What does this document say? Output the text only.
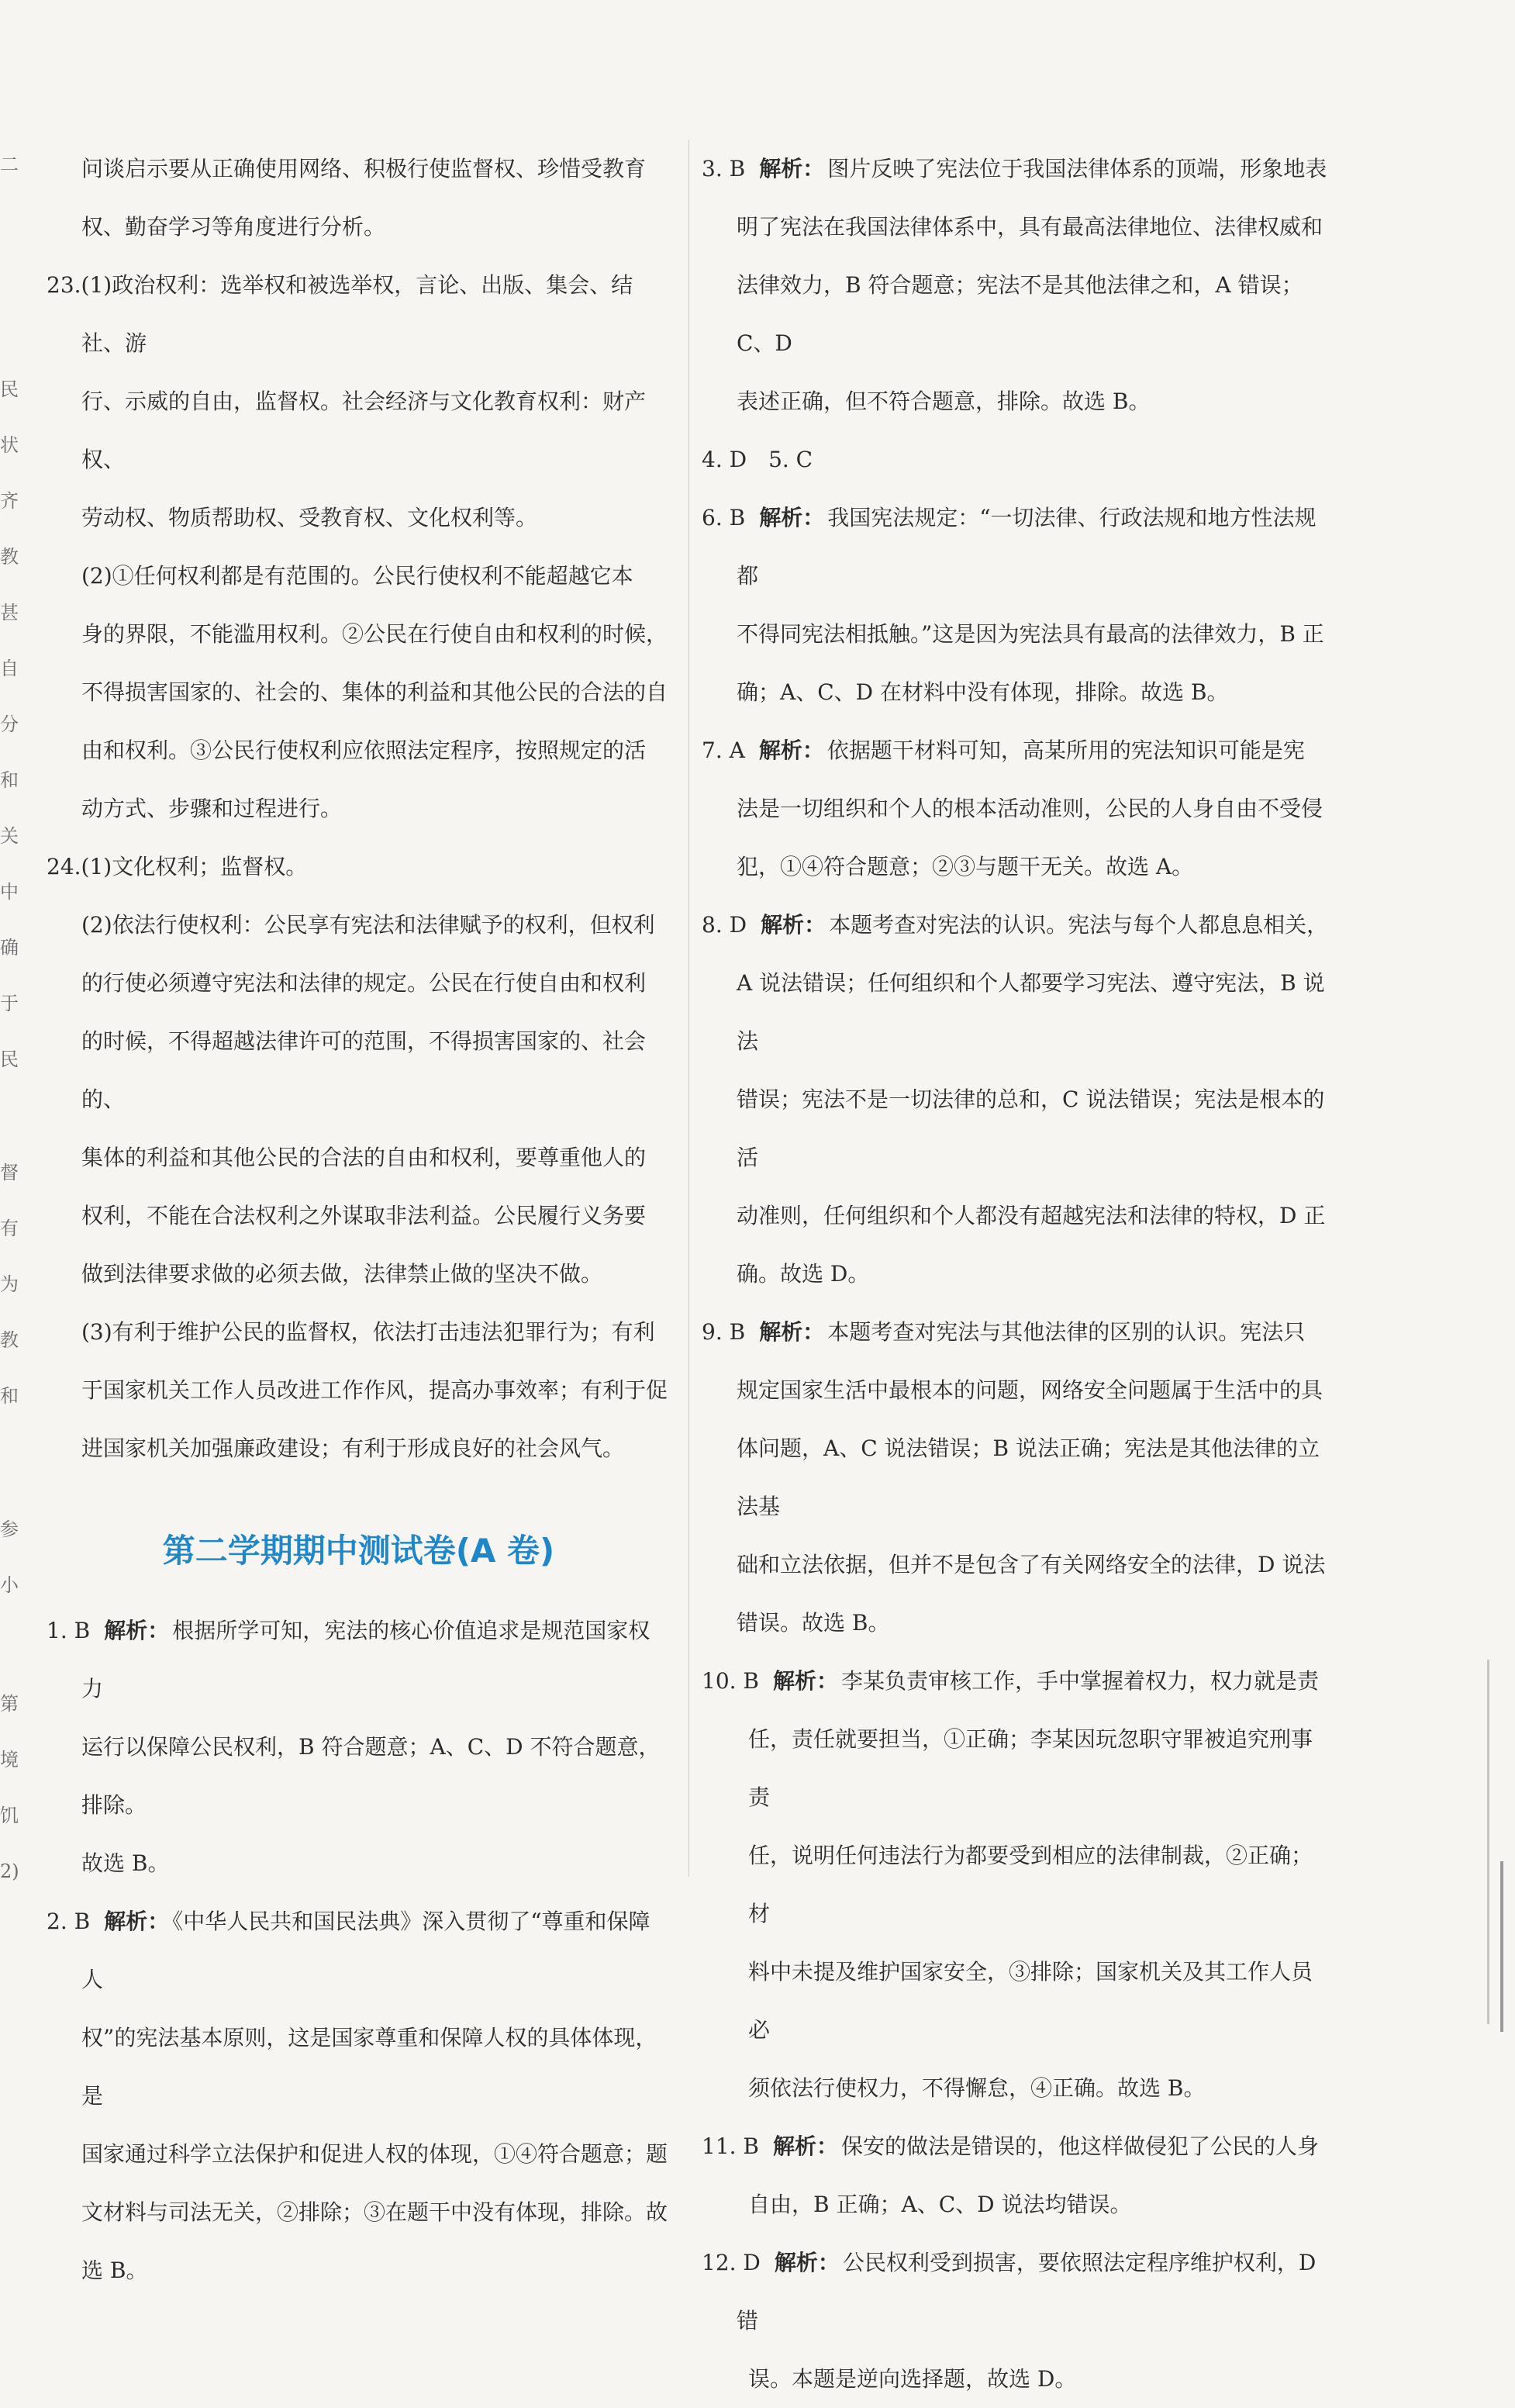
二
民
状
齐
教
甚
自
分
和
关
中
确
于
民
督
有
为
教
和
参
小
第
境
饥
2)
问谈启示要从正确使用网络、积极行使监督权、珍惜受教育
权、勤奋学习等角度进行分析。
23.(1)政治权利：选举权和被选举权，言论、出版、集会、结社、游
行、示威的自由，监督权。社会经济与文化教育权利：财产权、
劳动权、物质帮助权、受教育权、文化权利等。
(2)①任何权利都是有范围的。公民行使权利不能超越它本
身的界限，不能滥用权利。②公民在行使自由和权利的时候，
不得损害国家的、社会的、集体的利益和其他公民的合法的自
由和权利。③公民行使权利应依照法定程序，按照规定的活
动方式、步骤和过程进行。
24.(1)文化权利；监督权。
(2)依法行使权利：公民享有宪法和法律赋予的权利，但权利
的行使必须遵守宪法和法律的规定。公民在行使自由和权利
的时候，不得超越法律许可的范围，不得损害国家的、社会的、
集体的利益和其他公民的合法的自由和权利，要尊重他人的
权利，不能在合法权利之外谋取非法利益。公民履行义务要
做到法律要求做的必须去做，法律禁止做的坚决不做。
(3)有利于维护公民的监督权，依法打击违法犯罪行为；有利
于国家机关工作人员改进工作作风，提高办事效率；有利于促
进国家机关加强廉政建设；有利于形成良好的社会风气。
第二学期期中测试卷(A 卷)
1. B 解析： 根据所学可知，宪法的核心价值追求是规范国家权力
运行以保障公民权利，B 符合题意；A、C、D 不符合题意，排除。
故选 B。
2. B 解析： 《中华人民共和国民法典》深入贯彻了“尊重和保障人
权”的宪法基本原则，这是国家尊重和保障人权的具体体现，是
国家通过科学立法保护和促进人权的体现，①④符合题意；题
文材料与司法无关，②排除；③在题干中没有体现，排除。故
选 B。
3. B 解析： 图片反映了宪法位于我国法律体系的顶端，形象地表
明了宪法在我国法律体系中，具有最高法律地位、法律权威和
法律效力，B 符合题意；宪法不是其他法律之和，A 错误；C、D
表述正确，但不符合题意，排除。故选 B。
4. D　5. C
6. B 解析： 我国宪法规定：“一切法律、行政法规和地方性法规都
不得同宪法相抵触。”这是因为宪法具有最高的法律效力，B 正
确；A、C、D 在材料中没有体现，排除。故选 B。
7. A 解析： 依据题干材料可知，高某所用的宪法知识可能是宪
法是一切组织和个人的根本活动准则，公民的人身自由不受侵
犯，①④符合题意；②③与题干无关。故选 A。
8. D 解析： 本题考查对宪法的认识。宪法与每个人都息息相关，
A 说法错误；任何组织和个人都要学习宪法、遵守宪法，B 说法
错误；宪法不是一切法律的总和，C 说法错误；宪法是根本的活
动准则，任何组织和个人都没有超越宪法和法律的特权，D 正
确。故选 D。
9. B 解析： 本题考查对宪法与其他法律的区别的认识。宪法只
规定国家生活中最根本的问题，网络安全问题属于生活中的具
体问题，A、C 说法错误；B 说法正确；宪法是其他法律的立法基
础和立法依据，但并不是包含了有关网络安全的法律，D 说法
错误。故选 B。
10. B 解析： 李某负责审核工作，手中掌握着权力，权力就是责
任，责任就要担当，①正确；李某因玩忽职守罪被追究刑事责
任，说明任何违法行为都要受到相应的法律制裁，②正确；材
料中未提及维护国家安全，③排除；国家机关及其工作人员必
须依法行使权力，不得懈怠，④正确。故选 B。
11. B 解析： 保安的做法是错误的，他这样做侵犯了公民的人身
自由，B 正确；A、C、D 说法均错误。
12. D 解析： 公民权利受到损害，要依照法定程序维护权利，D 错
误。本题是逆向选择题，故选 D。
